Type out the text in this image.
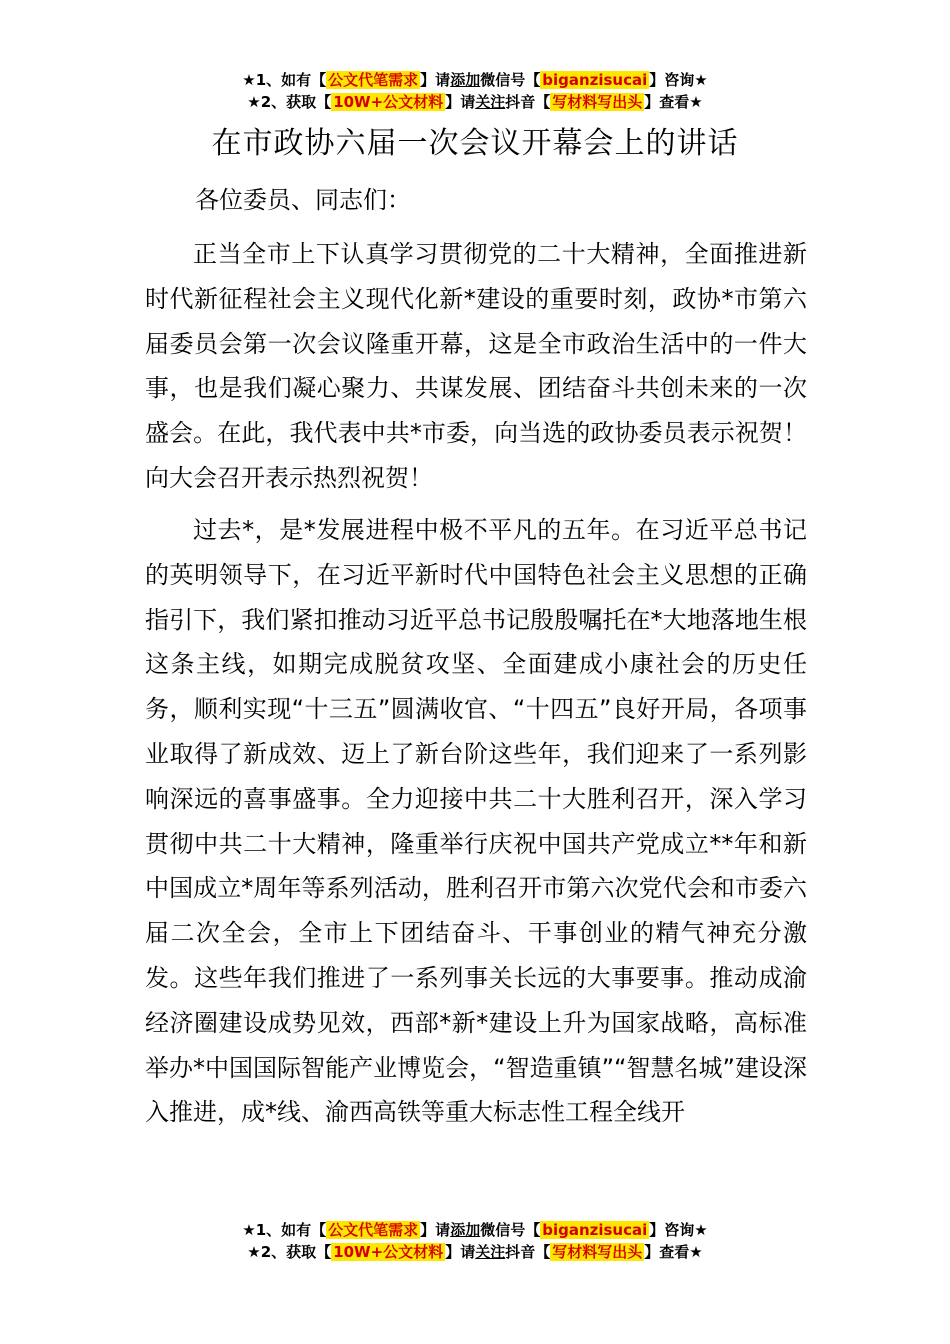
★1、如有【 公文代笔需求 】请添加微信号【 biganzisucai 】咨询★
★2、获取【 10W+公文材料 】请关注抖音【 写材料写出头 】查看★
在市政协六届一次会议开幕会上的讲话
各位委员、同志们：

正当全市上下认真学习贯彻党的二十大精神，全面推进新时代新征程社会主义现代化新*建设的重要时刻，政协*市第六届委员会第一次会议隆重开幕，这是全市政治生活中的一件大事，也是我们凝心聚力、共谋发展、团结奋斗共创未来的一次盛会。在此，我代表中共*市委，向当选的政协委员表示祝贺！向大会召开表示热烈祝贺！

过去*，是*发展进程中极不平凡的五年。在习近平总书记的英明领导下，在习近平新时代中国特色社会主义思想的正确指引下，我们紧扣推动习近平总书记殷殷嘱托在*大地落地生根这条主线，如期完成脱贫攻坚、全面建成小康社会的历史任务，顺利实现“十三五”圆满收官、“十四五”良好开局，各项事业取得了新成效、迈上了新台阶这些年，我们迎来了一系列影响深远的喜事盛事。全力迎接中共二十大胜利召开，深入学习贯彻中共二十大精神，隆重举行庆祝中国共产党成立**年和新中国成立*周年等系列活动，胜利召开市第六次党代会和市委六届二次全会，全市上下团结奋斗、干事创业的精气神充分激发。这些年我们推进了一系列事关长远的大事要事。推动成渝经济圈建设成势见效，西部*新*建设上升为国家战略，高标准举办*中国国际智能产业博览会，“智造重镇”“智慧名城”建设深入推进，成*线、渝西高铁等重大标志性工程全线开

★1、如有【 公文代笔需求 】请添加微信号【 biganzisucai 】咨询★
★2、获取【 10W+公文材料 】请关注抖音【 写材料写出头 】查看★
